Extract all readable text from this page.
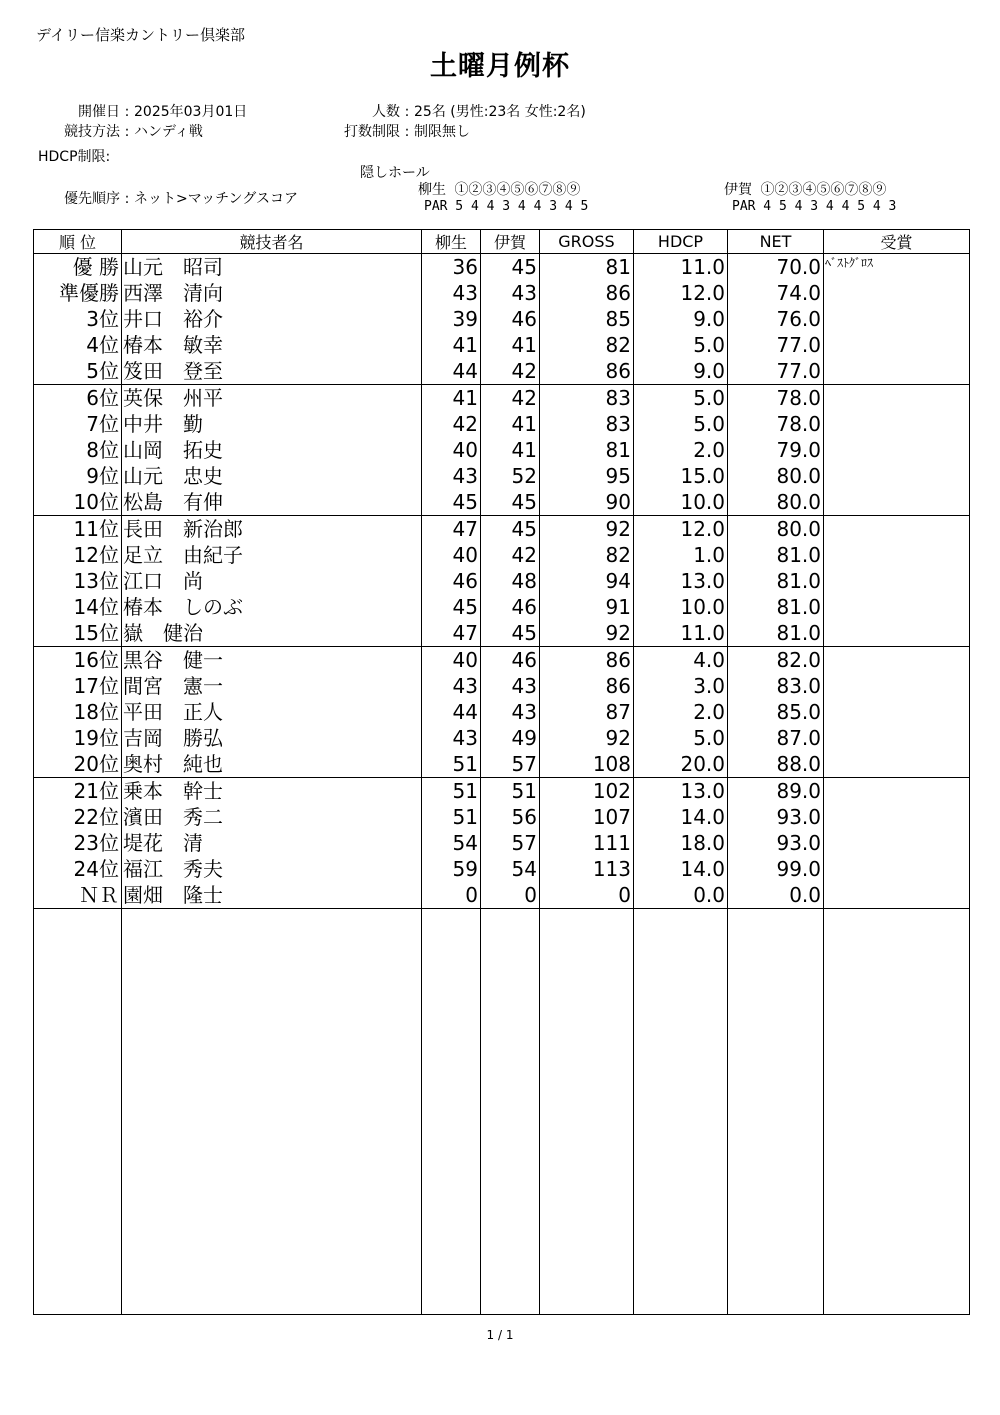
デイリー信楽カントリー倶楽部
土曜月例杯
開催日 : 2025年03月01日	人数 : 25名 (男性:23名 女性:2名)
競技方法 : ハンディ戦	打数制限 : 制限無し
HDCP制限:
優先順序 : ネット>マッチングスコア
隠しホール
柳生 ①②③④⑤⑥⑦⑧⑨
PAR 5 4 4 3 4 4 3 4 5
伊賀 ①②③④⑤⑥⑦⑧⑨
PAR 4 5 4 3 4 4 5 4 3
順 位	競技者名	柳生	伊賀	GROSS	HDCP	NET	受賞
優 勝	山元　昭司	36	45	81	11.0	70.0	ﾍﾞｽﾄｸﾞﾛｽ
準優勝	西澤　清向	43	43	86	12.0	74.0	
3位	井口　裕介	39	46	85	9.0	76.0	
4位	椿本　敏幸	41	41	82	5.0	77.0	
5位	笈田　登至	44	42	86	9.0	77.0	
6位	英保　州平	41	42	83	5.0	78.0	
7位	中井　勤	42	41	83	5.0	78.0	
8位	山岡　拓史	40	41	81	2.0	79.0	
9位	山元　忠史	43	52	95	15.0	80.0	
10位	松島　有伸	45	45	90	10.0	80.0	
11位	長田　新治郎	47	45	92	12.0	80.0	
12位	足立　由紀子	40	42	82	1.0	81.0	
13位	江口　尚	46	48	94	13.0	81.0	
14位	椿本　しのぶ	45	46	91	10.0	81.0	
15位	嶽　健治	47	45	92	11.0	81.0	
16位	黒谷　健一	40	46	86	4.0	82.0	
17位	間宮　憲一	43	43	86	3.0	83.0	
18位	平田　正人	44	43	87	2.0	85.0	
19位	吉岡　勝弘	43	49	92	5.0	87.0	
20位	奥村　純也	51	57	108	20.0	88.0	
21位	乗本　幹士	51	51	102	13.0	89.0	
22位	濱田　秀二	51	56	107	14.0	93.0	
23位	堤花　清	54	57	111	18.0	93.0	
24位	福江　秀夫	59	54	113	14.0	99.0	
ＮＲ	園畑　隆士	0	0	0	0.0	0.0	

1 / 1
